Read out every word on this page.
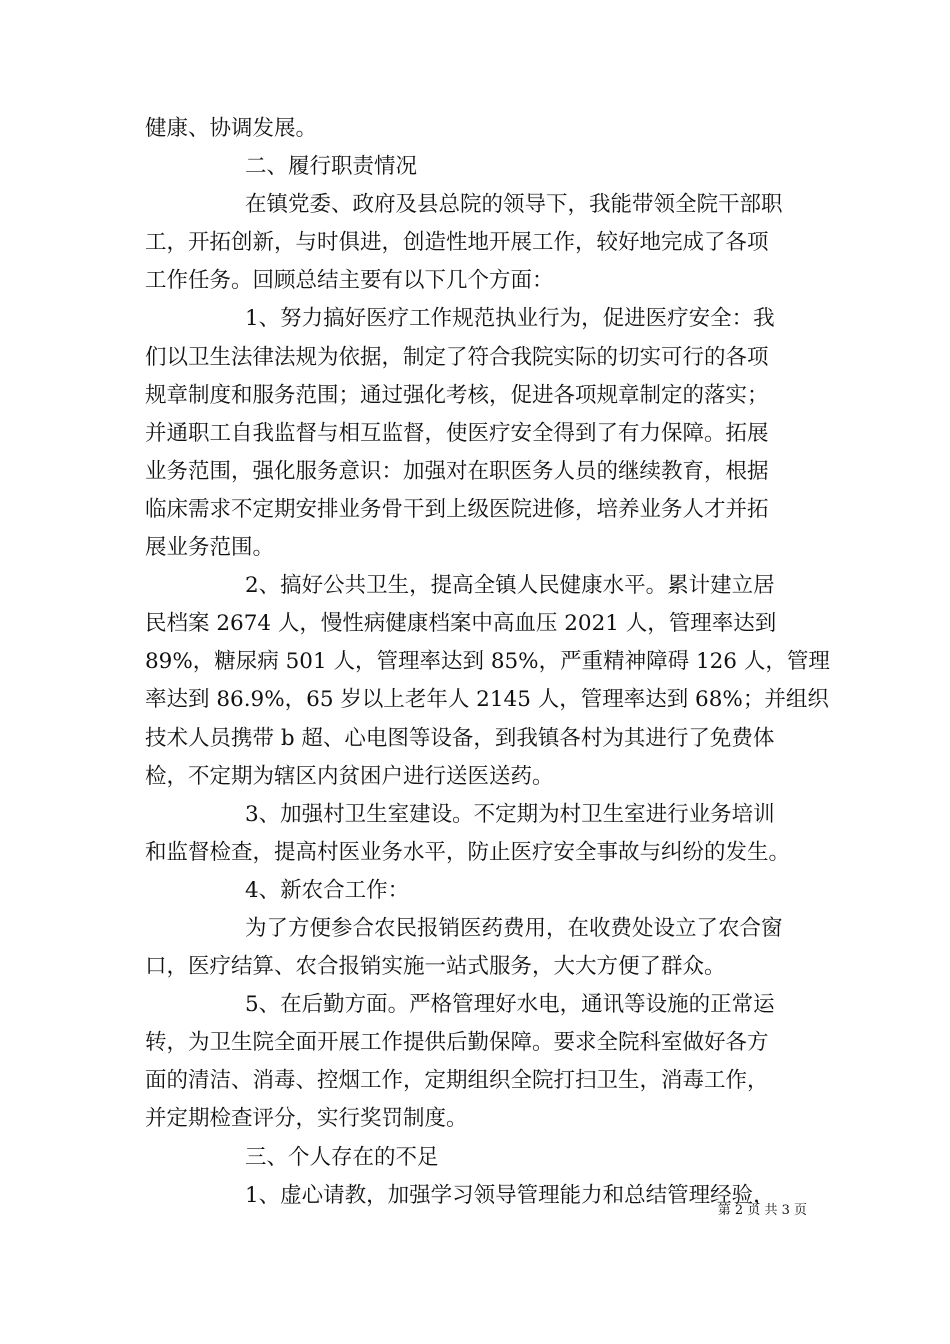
健康、协调发展。
二、履行职责情况
在镇党委、政府及县总院的领导下，我能带领全院干部职
工，开拓创新，与时俱进，创造性地开展工作，较好地完成了各项
工作任务。回顾总结主要有以下几个方面：
1、努力搞好医疗工作规范执业行为，促进医疗安全：我
们以卫生法律法规为依据，制定了符合我院实际的切实可行的各项
规章制度和服务范围；通过强化考核，促进各项规章制定的落实；
并通职工自我监督与相互监督，使医疗安全得到了有力保障。拓展
业务范围，强化服务意识：加强对在职医务人员的继续教育，根据
临床需求不定期安排业务骨干到上级医院进修，培养业务人才并拓
展业务范围。
2、搞好公共卫生，提高全镇人民健康水平。累计建立居
民档案 2674 人，慢性病健康档案中高血压 2021 人，管理率达到
89%，糖尿病 501 人，管理率达到 85%，严重精神障碍 126 人，管理
率达到 86.9%，65 岁以上老年人 2145 人，管理率达到 68%；并组织
技术人员携带 b 超、心电图等设备，到我镇各村为其进行了免费体
检，不定期为辖区内贫困户进行送医送药。
3、加强村卫生室建设。不定期为村卫生室进行业务培训
和监督检查，提高村医业务水平，防止医疗安全事故与纠纷的发生。
4、新农合工作：
为了方便参合农民报销医药费用，在收费处设立了农合窗
口，医疗结算、农合报销实施一站式服务，大大方便了群众。
5、在后勤方面。严格管理好水电，通讯等设施的正常运
转，为卫生院全面开展工作提供后勤保障。要求全院科室做好各方
面的清洁、消毒、控烟工作，定期组织全院打扫卫生，消毒工作，
并定期检查评分，实行奖罚制度。
三、个人存在的不足
1、虚心请教，加强学习领导管理能力和总结管理经验，
第 2 页 共 3 页
